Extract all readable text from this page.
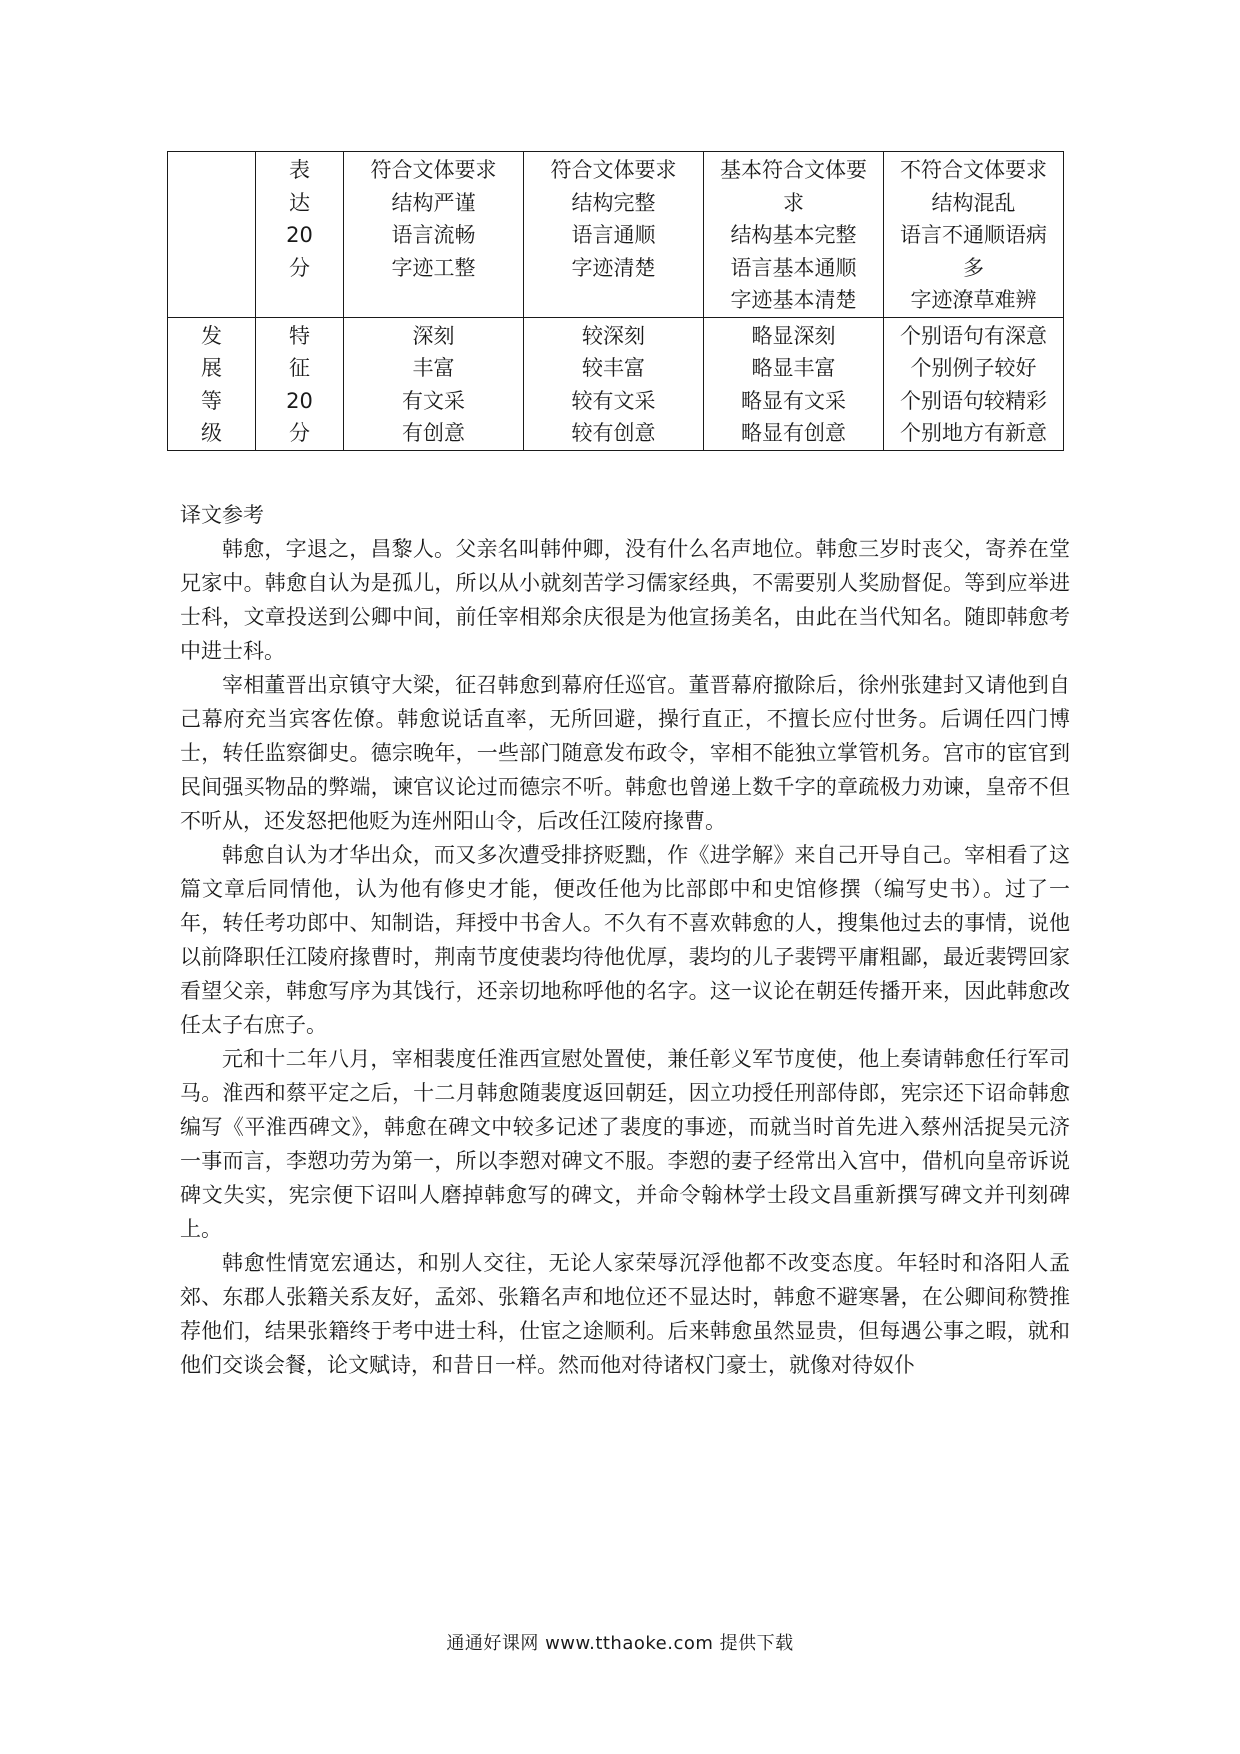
	表
达
20
分	符合文体要求
结构严谨
语言流畅
字迹工整	符合文体要求
结构完整
语言通顺
字迹清楚	基本符合文体要
求
结构基本完整
语言基本通顺
字迹基本清楚	不符合文体要求
结构混乱
语言不通顺语病
多
字迹潦草难辨

发
展
等
级	特
征
20
分	深刻
丰富
有文采
有创意	较深刻
较丰富
较有文采
较有创意	略显深刻
略显丰富
略显有文采
略显有创意	个别语句有深意
个别例子较好
个别语句较精彩
个别地方有新意
译文参考

韩愈，字退之，昌黎人。父亲名叫韩仲卿，没有什么名声地位。韩愈三岁时丧父，寄养在堂兄家中。韩愈自认为是孤儿，所以从小就刻苦学习儒家经典，不需要别人奖励督促。等到应举进士科，文章投送到公卿中间，前任宰相郑余庆很是为他宣扬美名，由此在当代知名。随即韩愈考中进士科。

宰相董晋出京镇守大梁，征召韩愈到幕府任巡官。董晋幕府撤除后，徐州张建封又请他到自己幕府充当宾客佐僚。韩愈说话直率，无所回避，操行直正，不擅长应付世务。后调任四门博士，转任监察御史。德宗晚年，一些部门随意发布政令，宰相不能独立掌管机务。宫市的宦官到民间强买物品的弊端，谏官议论过而德宗不听。韩愈也曾递上数千字的章疏极力劝谏，皇帝不但不听从，还发怒把他贬为连州阳山令，后改任江陵府掾曹。

韩愈自认为才华出众，而又多次遭受排挤贬黜，作《进学解》来自己开导自己。宰相看了这篇文章后同情他，认为他有修史才能，便改任他为比部郎中和史馆修撰（编写史书）。过了一年，转任考功郎中、知制诰，拜授中书舍人。不久有不喜欢韩愈的人，搜集他过去的事情，说他以前降职任江陵府掾曹时，荆南节度使裴均待他优厚，裴均的儿子裴锷平庸粗鄙，最近裴锷回家看望父亲，韩愈写序为其饯行，还亲切地称呼他的名字。这一议论在朝廷传播开来，因此韩愈改任太子右庶子。

元和十二年八月，宰相裴度任淮西宣慰处置使，兼任彰义军节度使，他上奏请韩愈任行军司马。淮西和蔡平定之后，十二月韩愈随裴度返回朝廷，因立功授任刑部侍郎，宪宗还下诏命韩愈编写《平淮西碑文》，韩愈在碑文中较多记述了裴度的事迹，而就当时首先进入蔡州活捉吴元济一事而言，李愬功劳为第一，所以李愬对碑文不服。李愬的妻子经常出入宫中，借机向皇帝诉说碑文失实，宪宗便下诏叫人磨掉韩愈写的碑文，并命令翰林学士段文昌重新撰写碑文并刊刻碑上。

韩愈性情宽宏通达，和别人交往，无论人家荣辱沉浮他都不改变态度。年轻时和洛阳人孟郊、东郡人张籍关系友好，孟郊、张籍名声和地位还不显达时，韩愈不避寒暑，在公卿间称赞推荐他们，结果张籍终于考中进士科，仕宦之途顺利。后来韩愈虽然显贵，但每遇公事之暇，就和他们交谈会餐，论文赋诗，和昔日一样。然而他对待诸权门豪士，就像对待奴仆

通通好课网 www.tthaoke.com 提供下载
